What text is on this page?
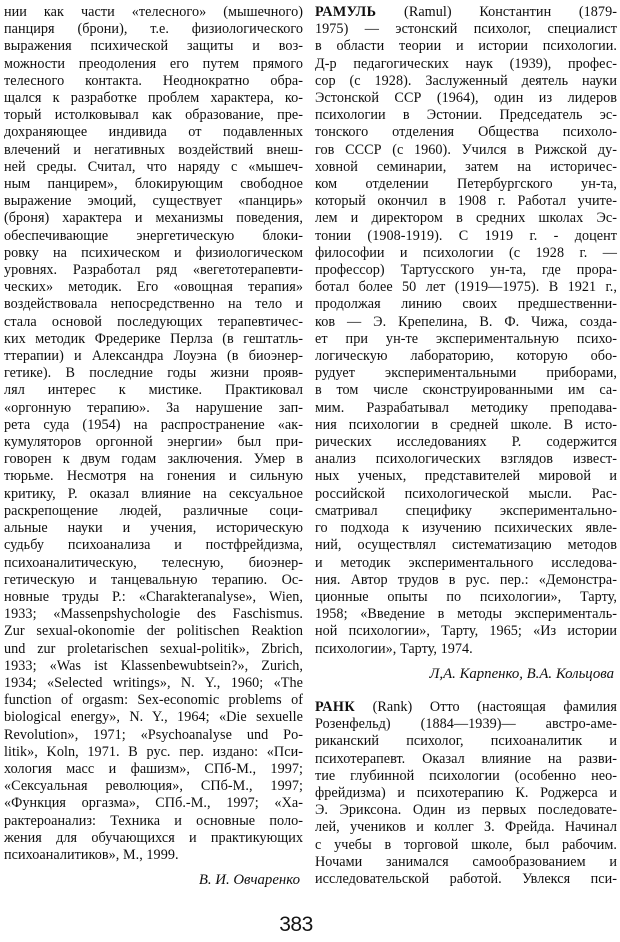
нии как части «телесного» (мышечного)
панциря (брони), т.е. физиологического
выражения психической защиты и воз-
можности преодоления его путем прямого
телесного контакта. Неоднократно обра-
щался к разработке проблем характера, ко-
торый истолковывал как образование, пре-
дохраняющее индивида от подавленных
влечений и негативных воздействий внеш-
ней среды. Считал, что наряду с «мышеч-
ным панцирем», блокирующим свободное
выражение эмоций, существует «панцирь»
(броня) характера и механизмы поведения,
обеспечивающие энергетическую блоки-
ровку на психическом и физиологическом
уровнях. Разработал ряд «вегетотерапевти-
ческих» методик. Его «овощная терапия»
воздействовала непосредственно на тело и
стала основой последующих терапевтичес-
ких методик Фредерике Перлза (в гештатль-
ттерапии) и Александра Лоуэна (в биоэнер-
гетике). В последние годы жизни прояв-
лял интерес к мистике. Практиковал
«оргонную терапию». За нарушение зап-
рета суда (1954) на распространение «ак-
кумуляторов оргонной энергии» был при-
говорен к двум годам заключения. Умер в
тюрьме. Несмотря на гонения и сильную
критику, Р. оказал влияние на сексуальное
раскрепощение людей, различные соци-
альные науки и учения, историческую
судьбу психоанализа и постфрейдизма,
психоаналитическую, телесную, биоэнер-
гетическую и танцевальную терапию. Ос-
новные труды Р.: «Charakteranalyse», Wien,
1933; «Massenpshychologie des Faschismus.
Zur sexual-okonomie der politischen Reaktion
und zur proletarischen sexual-politik», Zbrich,
1933; «Was ist Klassenbewubtsein?», Zurich,
1934; «Selected writings», N. Y., 1960; «The
function of orgasm: Sex-economic problems of
biological energy», N. Y., 1964; «Die sexuelle
Revolution», 1971; «Psychoanalyse und Po-
litik», Koln, 1971. В рус. пер. издано: «Пси-
хология масс и фашизм», СПб-М., 1997;
«Сексуальная революция», СПб-М., 1997;
«Функция оргазма», СПб.-М., 1997; «Ха-
рактероанализ: Техника и основные поло-
жения для обучающихся и практикующих
психоаналитиков», М., 1999.
В. И. Овчаренко
РАМУЛЬ (Ramul) Константин (1879-
1975) — эстонский психолог, специалист
в области теории и истории психологии.
Д-р педагогических наук (1939), профес-
сор (с 1928). Заслуженный деятель науки
Эстонской ССР (1964), один из лидеров
психологии в Эстонии. Председатель эс-
тонского отделения Общества психоло-
гов СССР (с 1960). Учился в Рижской ду-
ховной семинарии, затем на историчес-
ком отделении Петербургского ун-та,
который окончил в 1908 г. Работал учите-
лем и директором в средних школах Эс-
тонии (1908-1919). С 1919 г. - доцент
философии и психологии (с 1928 г. —
профессор) Тартусского ун-та, где прора-
ботал более 50 лет (1919—1975). В 1921 г.,
продолжая линию своих предшественни-
ков — Э. Крепелина, В. Ф. Чижа, созда-
ет при ун-те экспериментальную психо-
логическую лабораторию, которую обо-
рудует экспериментальными приборами,
в том числе сконструированными им са-
мим. Разрабатывал методику преподава-
ния психологии в средней школе. В исто-
рических исследованиях Р. содержится
анализ психологических взглядов извест-
ных ученых, представителей мировой и
российской психологической мысли. Рас-
сматривал специфику экспериментально-
го подхода к изучению психических явле-
ний, осуществлял систематизацию методов
и методик экспериментального исследова-
ния. Автор трудов в рус. пер.: «Демонстра-
ционные опыты по психологии», Тарту,
1958; «Введение в методы эксперименталь-
ной психологии», Тарту, 1965; «Из истории
психологии», Тарту, 1974.
Л,А. Карпенко, В.А. Кольцова
РАНК (Rank) Отто (настоящая фамилия
Розенфельд) (1884—1939)— австро-аме-
риканский психолог, психоаналитик и
психотерапевт. Оказал влияние на разви-
тие глубинной психологии (особенно нео-
фрейдизма) и психотерапию К. Роджерса и
Э. Эриксона. Один из первых последовате-
лей, учеников и коллег З. Фрейда. Начинал
с учебы в торговой школе, был рабочим.
Ночами занимался самообразованием и
исследовательской работой. Увлекся пси-
383
